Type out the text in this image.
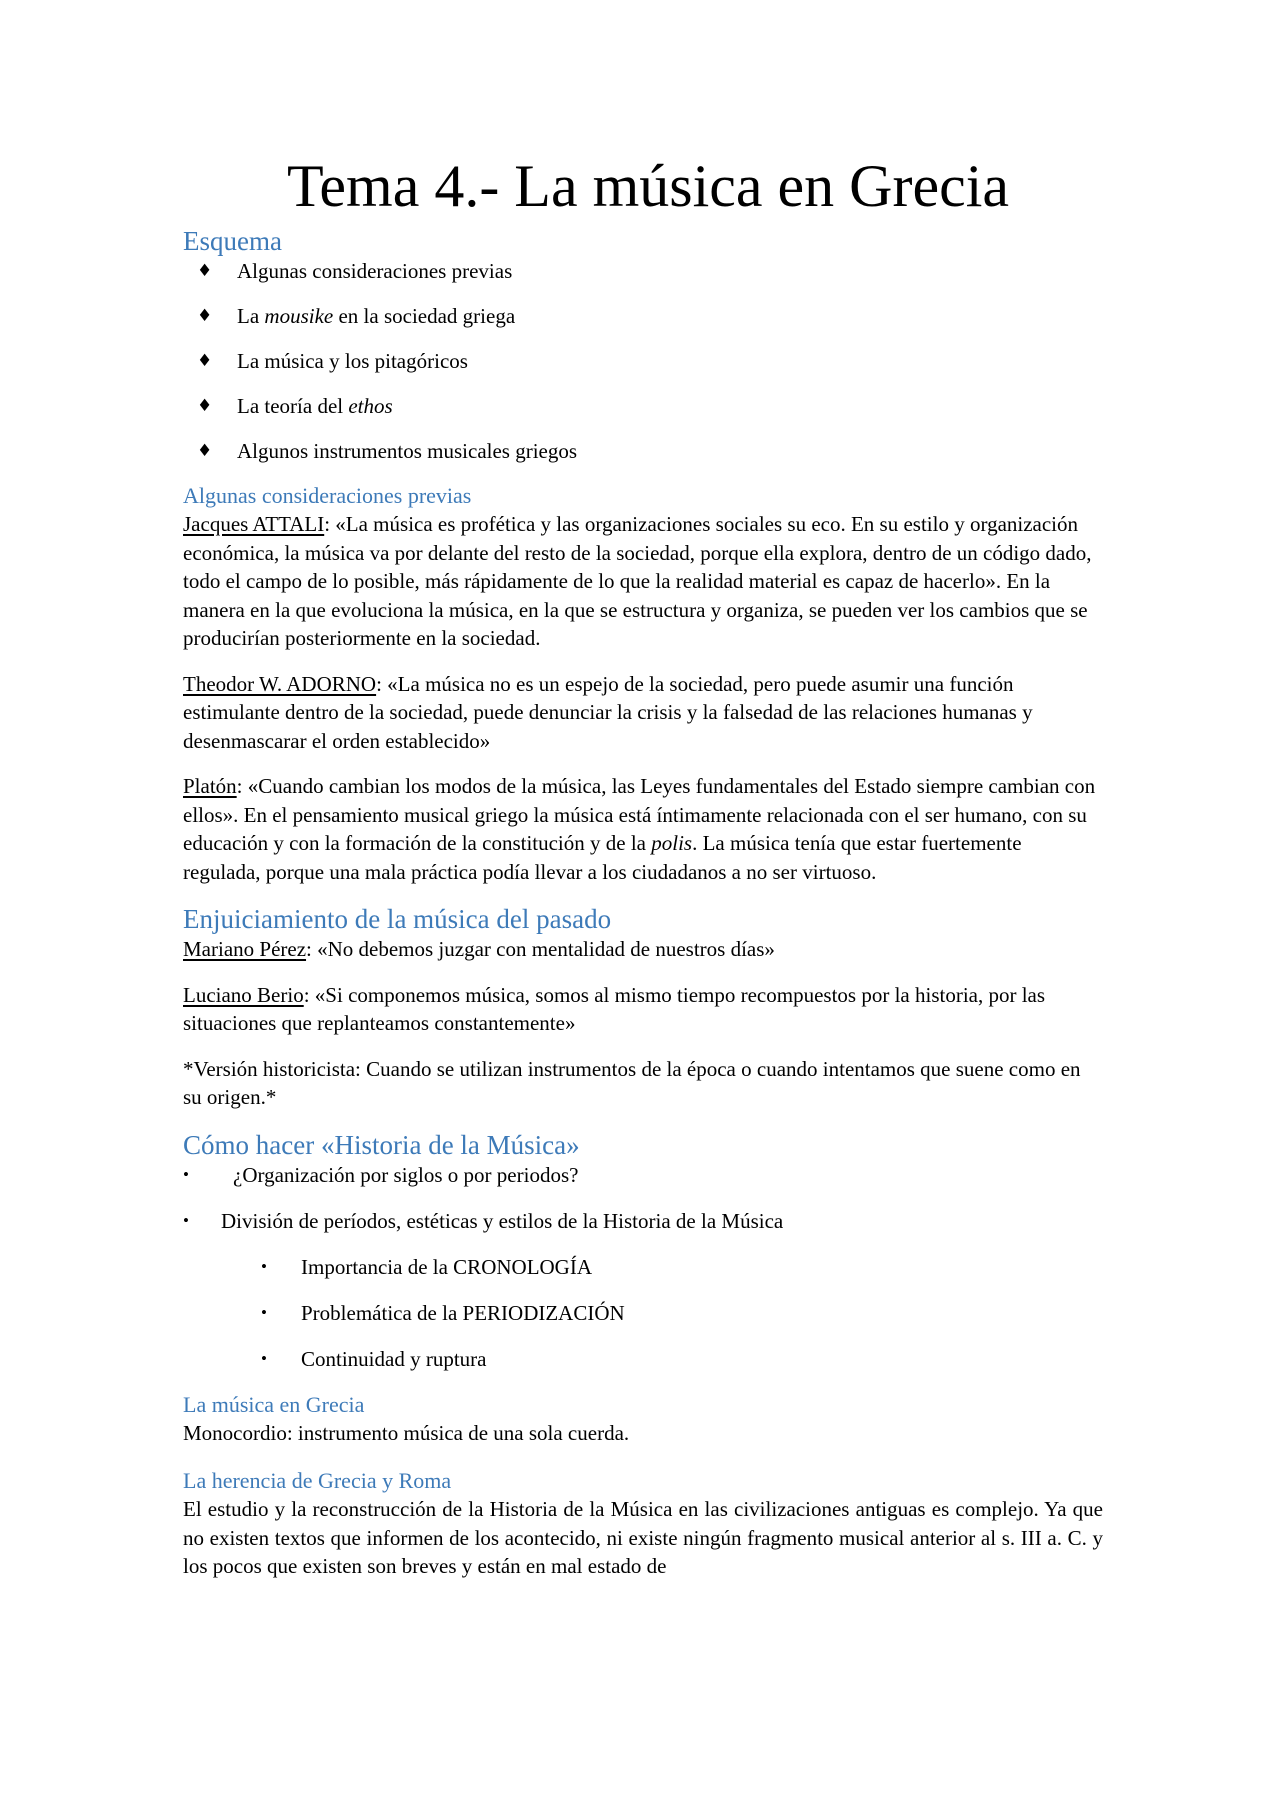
Tema 4.- La música en Grecia
Esquema
♦ Algunas consideraciones previas
♦ La mousike en la sociedad griega
♦ La música y los pitagóricos
♦ La teoría del ethos
♦ Algunos instrumentos musicales griegos
Algunas consideraciones previas

Jacques ATTALI: «La música es profética y las organizaciones sociales su eco. En su estilo y organización económica, la música va por delante del resto de la sociedad, porque ella explora, dentro de un código dado, todo el campo de lo posible, más rápidamente de lo que la realidad material es capaz de hacerlo». En la manera en la que evoluciona la música, en la que se estructura y organiza, se pueden ver los cambios que se producirían posteriormente en la sociedad.

Theodor W. ADORNO: «La música no es un espejo de la sociedad, pero puede asumir una función estimulante dentro de la sociedad, puede denunciar la crisis y la falsedad de las relaciones humanas y desenmascarar el orden establecido»

Platón: «Cuando cambian los modos de la música, las Leyes fundamentales del Estado siempre cambian con ellos». En el pensamiento musical griego la música está íntimamente relacionada con el ser humano, con su educación y con la formación de la constitución y de la polis. La música tenía que estar fuertemente regulada, porque una mala práctica podía llevar a los ciudadanos a no ser virtuoso.

Enjuiciamiento de la música del pasado

Mariano Pérez: «No debemos juzgar con mentalidad de nuestros días»

Luciano Berio: «Si componemos música, somos al mismo tiempo recompuestos por la historia, por las situaciones que replanteamos constantemente»

*Versión historicista: Cuando se utilizan instrumentos de la época o cuando intentamos que suene como en su origen.*

Cómo hacer «Historia de la Música»
• ¿Organización por siglos o por periodos?
• División de períodos, estéticas y estilos de la Historia de la Música
• Importancia de la CRONOLOGÍA
• Problemática de la PERIODIZACIÓN
• Continuidad y ruptura
La música en Grecia

Monocordio: instrumento música de una sola cuerda.

La herencia de Grecia y Roma

El estudio y la reconstrucción de la Historia de la Música en las civilizaciones antiguas es complejo. Ya que no existen textos que informen de los acontecido, ni existe ningún fragmento musical anterior al s. III a. C. y los pocos que existen son breves y están en mal estado de
